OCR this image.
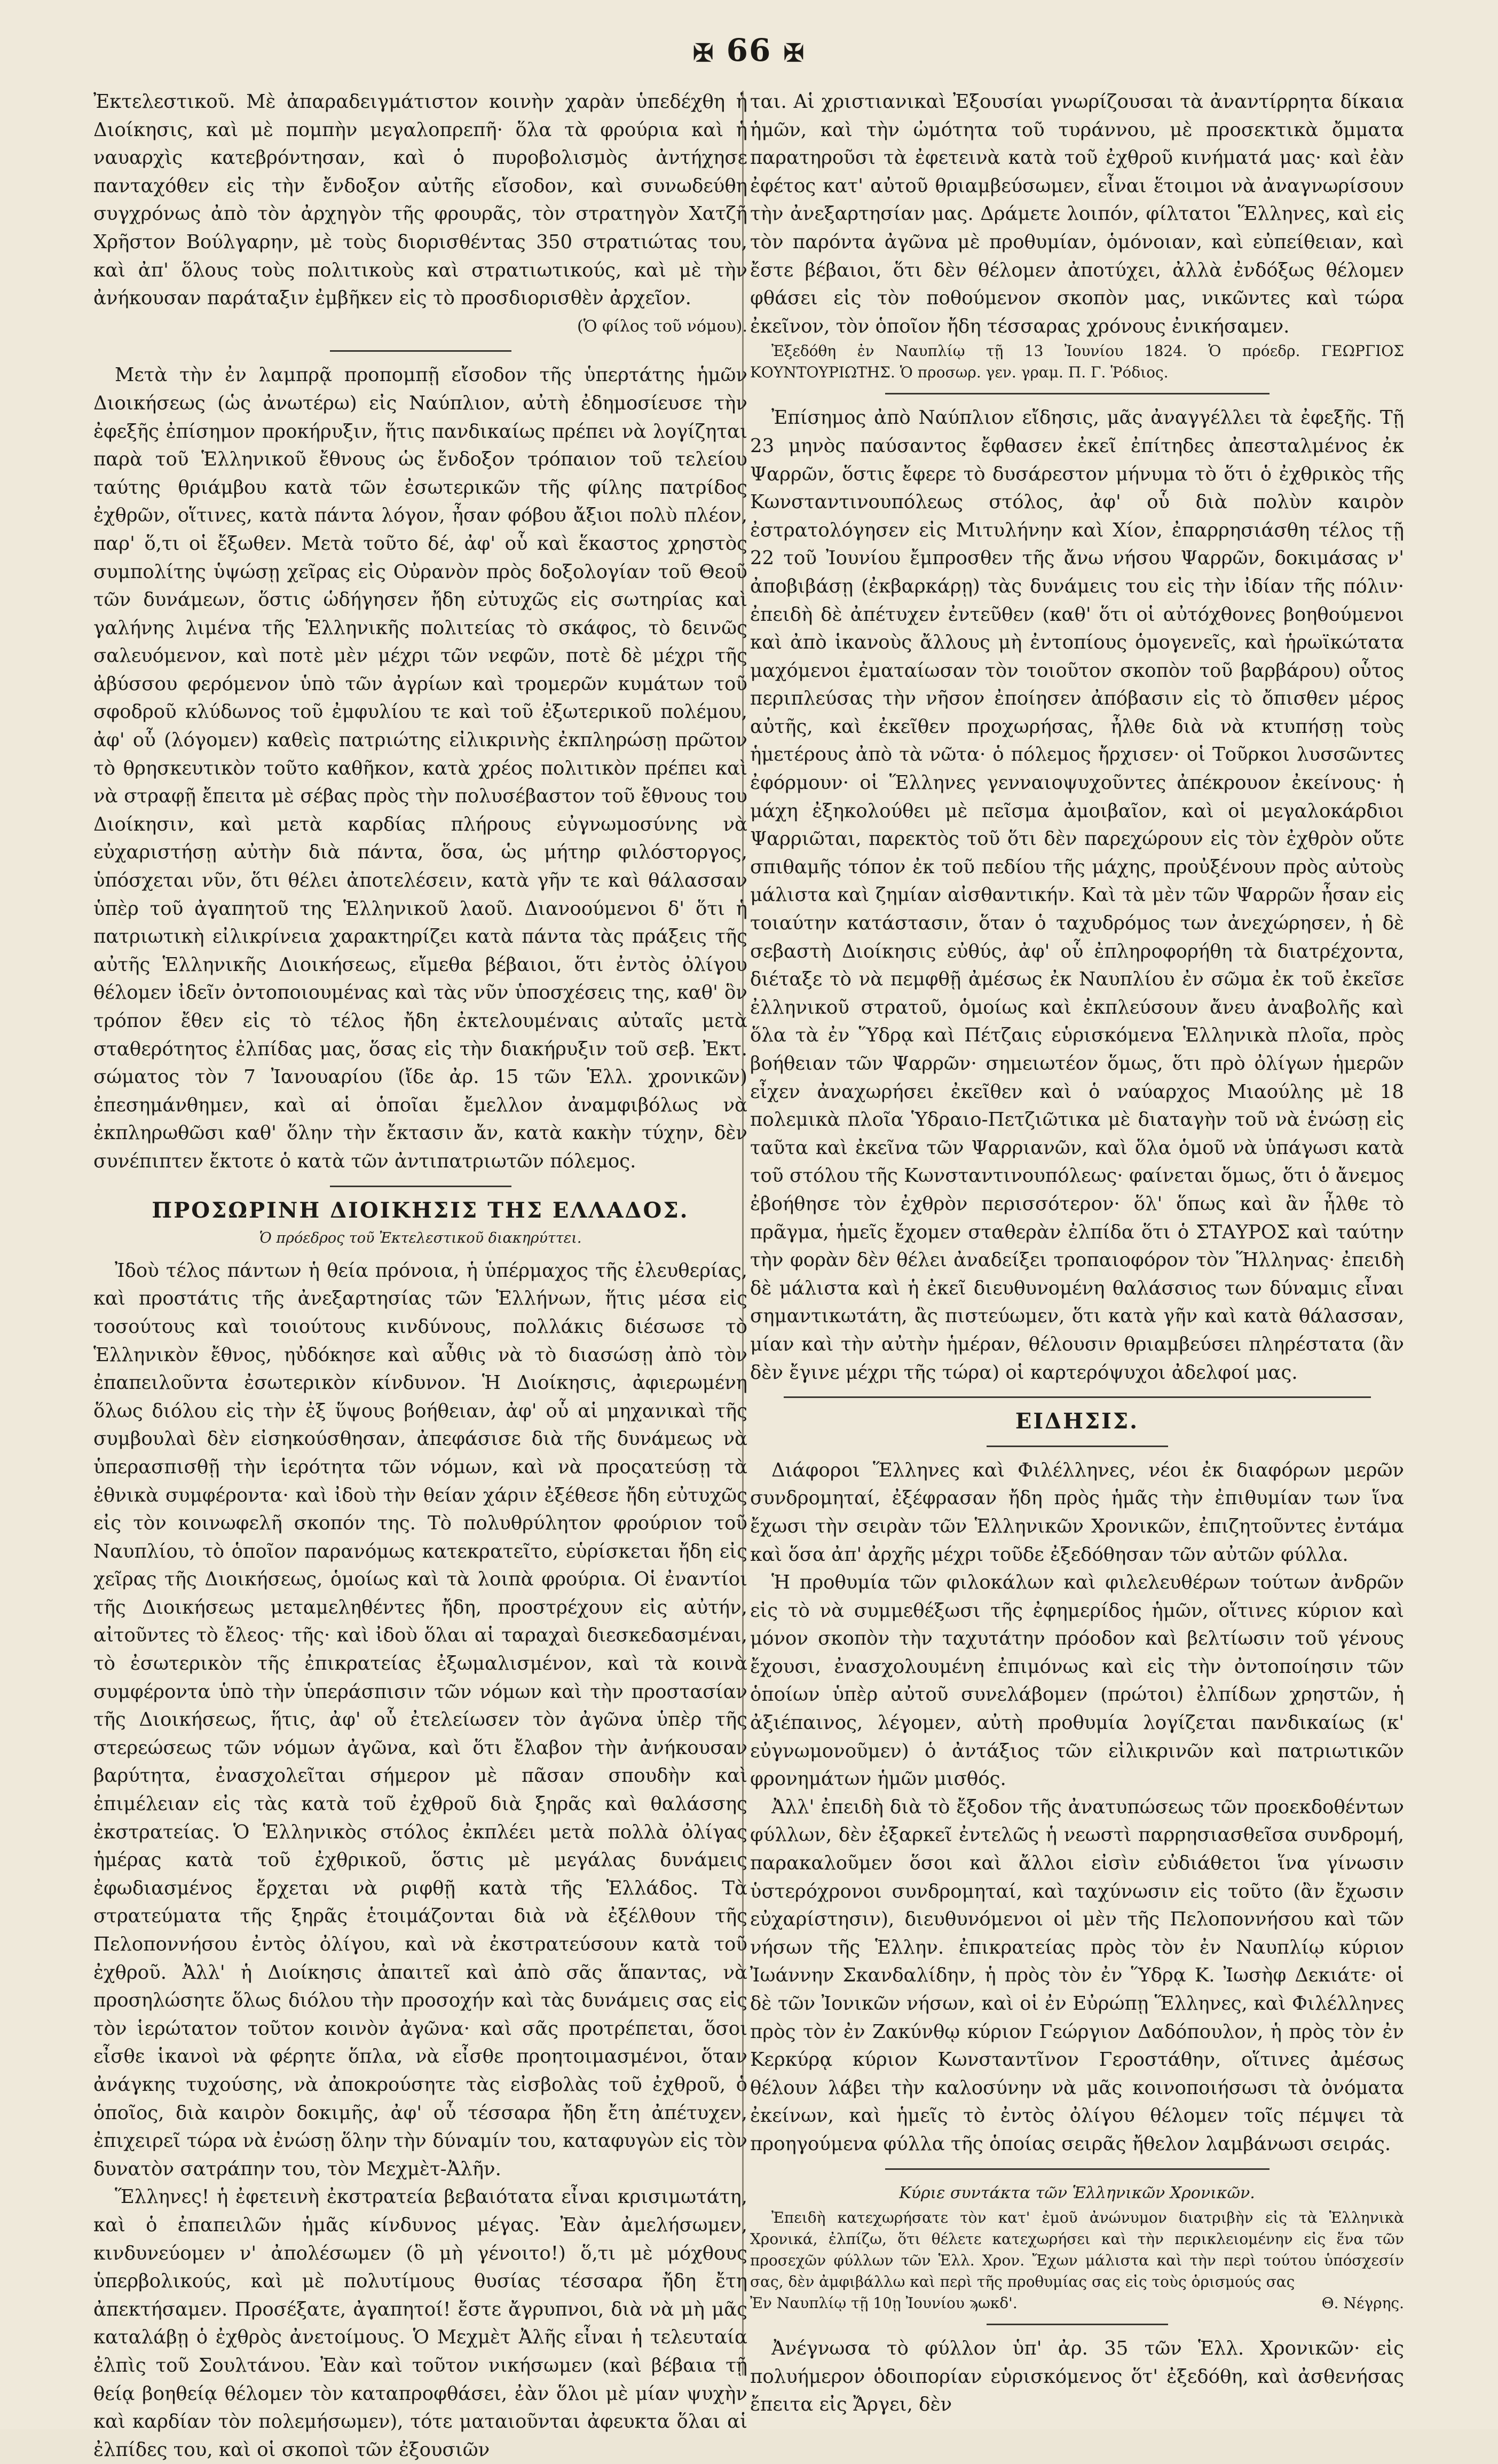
✠ 66 ✠

Ἐκτελεστικοῦ. Μὲ ἀπαραδειγμάτιστον κοινὴν χαρὰν ὑπεδέχθη ἡ Διοίκησις, καὶ μὲ πομπὴν μεγαλοπρεπῆ· ὅλα τὰ φρούρια καὶ ἡ ναυαρχὶς κατεβρόντησαν, καὶ ὁ πυροβολισμὸς ἀντήχησε πανταχόθεν εἰς τὴν ἔνδοξον αὐτῆς εἴσοδον, καὶ συνωδεύθη συγχρόνως ἀπὸ τὸν ἀρχηγὸν τῆς φρουρᾶς, τὸν στρατηγὸν Χατζῆ Χρῆστον Βούλγαρην, μὲ τοὺς διορισθέντας 350 στρατιώτας του, καὶ ἀπ' ὅλους τοὺς πολιτικοὺς καὶ στρατιωτικούς, καὶ μὲ τὴν ἀνήκουσαν παράταξιν ἐμβῆκεν εἰς τὸ προσδιορισθὲν ἀρχεῖον.

(Ὁ φίλος τοῦ νόμου).

Μετὰ τὴν ἐν λαμπρᾷ προπομπῇ εἴσοδον τῆς ὑπερτάτης ἡμῶν Διοικήσεως (ὡς ἀνωτέρω) εἰς Ναύπλιον, αὐτὴ ἐδημοσίευσε τὴν ἐφεξῆς ἐπίσημον προκήρυξιν, ἥτις πανδικαίως πρέπει νὰ λογίζηται παρὰ τοῦ Ἑλληνικοῦ ἔθνους ὡς ἔνδοξον τρόπαιον τοῦ τελείου ταύτης θριάμβου κατὰ τῶν ἐσωτερικῶν τῆς φίλης πατρίδος ἐχθρῶν, οἵτινες, κατὰ πάντα λόγον, ἦσαν φόβου ἄξιοι πολὺ πλέον, παρ' ὅ,τι οἱ ἔξωθεν. Μετὰ τοῦτο δέ, ἀφ' οὗ καὶ ἕκαστος χρηστὸς συμπολίτης ὑψώσῃ χεῖρας εἰς Οὐρανὸν πρὸς δοξολογίαν τοῦ Θεοῦ τῶν δυνάμεων, ὅστις ὡδήγησεν ἤδη εὐτυχῶς εἰς σωτηρίας καὶ γαλήνης λιμένα τῆς Ἑλληνικῆς πολιτείας τὸ σκάφος, τὸ δεινῶς σαλευόμενον, καὶ ποτὲ μὲν μέχρι τῶν νεφῶν, ποτὲ δὲ μέχρι τῆς ἀβύσσου φερόμενον ὑπὸ τῶν ἀγρίων καὶ τρομερῶν κυμάτων τοῦ σφοδροῦ κλύδωνος τοῦ ἐμφυλίου τε καὶ τοῦ ἐξωτερικοῦ πολέμου, ἀφ' οὗ (λόγομεν) καθεὶς πατριώτης εἰλικρινὴς ἐκπληρώσῃ πρῶτον τὸ θρησκευτικὸν τοῦτο καθῆκον, κατὰ χρέος πολιτικὸν πρέπει καὶ νὰ στραφῇ ἔπειτα μὲ σέβας πρὸς τὴν πολυσέβαστον τοῦ ἔθνους του Διοίκησιν, καὶ μετὰ καρδίας πλήρους εὐγνωμοσύνης νὰ εὐχαριστήσῃ αὐτὴν διὰ πάντα, ὅσα, ὡς μήτηρ φιλόστοργος, ὑπόσχεται νῦν, ὅτι θέλει ἀποτελέσειν, κατὰ γῆν τε καὶ θάλασσαν ὑπὲρ τοῦ ἀγαπητοῦ της Ἑλληνικοῦ λαοῦ. Διανοούμενοι δ' ὅτι ἡ πατριωτικὴ εἰλικρίνεια χαρακτηρίζει κατὰ πάντα τὰς πράξεις τῆς αὐτῆς Ἑλληνικῆς Διοικήσεως, εἴμεθα βέβαιοι, ὅτι ἐντὸς ὀλίγου θέλομεν ἰδεῖν ὀντοποιουμένας καὶ τὰς νῦν ὑποσχέσεις της, καθ' ὃν τρόπον ἔθεν εἰς τὸ τέλος ἤδη ἐκτελουμέναις αὐταῖς μετὰ σταθερότητος ἐλπίδας μας, ὅσας εἰς τὴν διακήρυξιν τοῦ σεβ. Ἐκτ. σώματος τὸν 7 Ἰανουαρίου (ἴδε ἀρ. 15 τῶν Ἑλλ. χρονικῶν) ἐπεσημάνθημεν, καὶ αἱ ὁποῖαι ἔμελλον ἀναμφιβόλως νὰ ἐκπληρωθῶσι καθ' ὅλην τὴν ἔκτασιν ἄν, κατὰ κακὴν τύχην, δὲν συνέπιπτεν ἔκτοτε ὁ κατὰ τῶν ἀντιπατριωτῶν πόλεμος.

ΠΡΟΣΩΡΙΝΗ ΔΙΟΙΚΗΣΙΣ ΤΗΣ ΕΛΛΑΔΟΣ.

Ὁ πρόεδρος τοῦ Ἐκτελεστικοῦ διακηρύττει.

Ἰδοὺ τέλος πάντων ἡ θεία πρόνοια, ἡ ὑπέρμαχος τῆς ἐλευθερίας, καὶ προστάτις τῆς ἀνεξαρτησίας τῶν Ἑλλήνων, ἥτις μέσα εἰς τοσούτους καὶ τοιούτους κινδύνους, πολλάκις διέσωσε τὸ Ἑλληνικὸν ἔθνος, ηὐδόκησε καὶ αὖθις νὰ τὸ διασώσῃ ἀπὸ τὸν ἐπαπειλοῦντα ἐσωτερικὸν κίνδυνον. Ἡ Διοίκησις, ἀφιερωμένη ὅλως διόλου εἰς τὴν ἐξ ὕψους βοήθειαν, ἀφ' οὗ αἱ μηχανικαὶ τῆς συμβουλαὶ δὲν εἰσηκούσθησαν, ἀπεφάσισε διὰ τῆς δυνάμεως νὰ ὑπερασπισθῇ τὴν ἱερότητα τῶν νόμων, καὶ νὰ προςατεύσῃ τὰ ἐθνικὰ συμφέροντα· καὶ ἰδοὺ τὴν θείαν χάριν ἐξέθεσε ἤδη εὐτυχῶς εἰς τὸν κοινωφελῆ σκοπόν της. Τὸ πολυθρύλητον φρούριον τοῦ Ναυπλίου, τὸ ὁποῖον παρανόμως κατεκρατεῖτο, εὑρίσκεται ἤδη εἰς χεῖρας τῆς Διοικήσεως, ὁμοίως καὶ τὰ λοιπὰ φρούρια. Οἱ ἐναντίοι τῆς Διοικήσεως μεταμεληθέντες ἤδη, προστρέχουν εἰς αὐτήν, αἰτοῦντες τὸ ἔλεος· τῆς· καὶ ἰδοὺ ὅλαι αἱ ταραχαὶ διεσκεδασμέναι, τὸ ἐσωτερικὸν τῆς ἐπικρατείας ἐξωμαλισμένον, καὶ τὰ κοινὰ συμφέροντα ὑπὸ τὴν ὑπεράσπισιν τῶν νόμων καὶ τὴν προστασίαν τῆς Διοικήσεως, ἥτις, ἀφ' οὗ ἐτελείωσεν τὸν ἀγῶνα ὑπὲρ τῆς στερεώσεως τῶν νόμων ἀγῶνα, καὶ ὅτι ἔλαβον τὴν ἀνήκουσαν βαρύτητα, ἐνασχολεῖται σήμερον μὲ πᾶσαν σπουδὴν καὶ ἐπιμέλειαν εἰς τὰς κατὰ τοῦ ἐχθροῦ διὰ ξηρᾶς καὶ θαλάσσης ἐκστρατείας. Ὁ Ἑλληνικὸς στόλος ἐκπλέει μετὰ πολλὰ ὀλίγας ἡμέρας κατὰ τοῦ ἐχθρικοῦ, ὅστις μὲ μεγάλας δυνάμεις ἐφωδιασμένος ἔρχεται νὰ ριφθῇ κατὰ τῆς Ἑλλάδος. Τὰ στρατεύματα τῆς ξηρᾶς ἑτοιμάζονται διὰ νὰ ἐξέλθουν τῆς Πελοποννήσου ἐντὸς ὀλίγου, καὶ νὰ ἐκστρατεύσουν κατὰ τοῦ ἐχθροῦ. Ἀλλ' ἡ Διοίκησις ἀπαιτεῖ καὶ ἀπὸ σᾶς ἅπαντας, νὰ προσηλώσητε ὅλως διόλου τὴν προσοχήν καὶ τὰς δυνάμεις σας εἰς τὸν ἱερώτατον τοῦτον κοινὸν ἀγῶνα· καὶ σᾶς προτρέπεται, ὅσοι εἶσθε ἱκανοὶ νὰ φέρητε ὅπλα, νὰ εἶσθε προητοιμασμένοι, ὅταν ἀνάγκης τυχούσης, νὰ ἀποκρούσητε τὰς εἰσβολὰς τοῦ ἐχθροῦ, ὁ ὁποῖος, διὰ καιρὸν δοκιμῆς, ἀφ' οὗ τέσσαρα ἤδη ἔτη ἀπέτυχεν, ἐπιχειρεῖ τώρα νὰ ἐνώσῃ ὅλην τὴν δύναμίν του, καταφυγὼν εἰς τὸν δυνατὸν σατράπην του, τὸν Μεχμὲτ-Ἀλῆν.

Ἕλληνες! ἡ ἐφετεινὴ ἐκστρατεία βεβαιότατα εἶναι κρισιμωτάτη, καὶ ὁ ἐπαπειλῶν ἡμᾶς κίνδυνος μέγας. Ἐὰν ἀμελήσωμεν, κινδυνεύομεν ν' ἀπολέσωμεν (ὃ μὴ γένοιτο!) ὅ,τι μὲ μόχθους ὑπερβολικούς, καὶ μὲ πολυτίμους θυσίας τέσσαρα ἤδη ἔτη ἀπεκτήσαμεν. Προσέξατε, ἀγαπητοί! ἔστε ἄγρυπνοι, διὰ νὰ μὴ μᾶς καταλάβῃ ὁ ἐχθρὸς ἀνετοίμους. Ὁ Μεχμὲτ Ἀλῆς εἶναι ἡ τελευταία ἐλπὶς τοῦ Σουλτάνου. Ἐὰν καὶ τοῦτον νικήσωμεν (καὶ βέβαια τῇ θείᾳ βοηθείᾳ θέλομεν τὸν καταπροφθάσει, ἐὰν ὅλοι μὲ μίαν ψυχὴν καὶ καρδίαν τὸν πολεμήσωμεν), τότε ματαιοῦνται ἀφευκτα ὅλαι αἱ ἐλπίδες του, καὶ οἱ σκοποὶ τῶν ἐξουσιῶν

ται. Αἱ χριστιανικαὶ Ἐξουσίαι γνωρίζουσαι τὰ ἀναντίρρητα δίκαια ἡμῶν, καὶ τὴν ὠμότητα τοῦ τυράννου, μὲ προσεκτικὰ ὄμματα παρατηροῦσι τὰ ἐφετεινὰ κατὰ τοῦ ἐχθροῦ κινήματά μας· καὶ ἐὰν ἐφέτος κατ' αὐτοῦ θριαμβεύσωμεν, εἶναι ἕτοιμοι νὰ ἀναγνωρίσουν τὴν ἀνεξαρτησίαν μας. Δράμετε λοιπόν, φίλτατοι Ἕλληνες, καὶ εἰς τὸν παρόντα ἀγῶνα μὲ προθυμίαν, ὁμόνοιαν, καὶ εὐπείθειαν, καὶ ἔστε βέβαιοι, ὅτι δὲν θέλομεν ἀποτύχει, ἀλλὰ ἐνδόξως θέλομεν φθάσει εἰς τὸν ποθούμενον σκοπὸν μας, νικῶντες καὶ τώρα ἐκεῖνον, τὸν ὁποῖον ἤδη τέσσαρας χρόνους ἐνικήσαμεν.

Ἐξεδόθη ἐν Ναυπλίῳ τῇ 13 Ἰουνίου 1824. Ὁ πρόεδρ. ΓΕΩΡΓΙΟΣ ΚΟΥΝΤΟΥΡΙΩΤΗΣ. Ὁ προσωρ. γεν. γραμ. Π. Γ. Ῥόδιος.

Ἐπίσημος ἀπὸ Ναύπλιον εἴδησις, μᾶς ἀναγγέλλει τὰ ἐφεξῆς. Τῇ 23 μηνὸς παύσαντος ἔφθασεν ἐκεῖ ἐπίτηδες ἀπεσταλμένος ἐκ Ψαρρῶν, ὅστις ἔφερε τὸ δυσάρεστον μήνυμα τὸ ὅτι ὁ ἐχθρικὸς τῆς Κωνσταντινουπόλεως στόλος, ἀφ' οὗ διὰ πολὺν καιρὸν ἐστρατολόγησεν εἰς Μιτυλήνην καὶ Χίον, ἐπαρρησιάσθη τέλος τῇ 22 τοῦ Ἰουνίου ἔμπροσθεν τῆς ἄνω νήσου Ψαρρῶν, δοκιμάσας ν' ἀποβιβάσῃ (ἐκβαρκάρῃ) τὰς δυνάμεις του εἰς τὴν ἰδίαν τῆς πόλιν· ἐπειδὴ δὲ ἀπέτυχεν ἐντεῦθεν (καθ' ὅτι οἱ αὐτόχθονες βοηθούμενοι καὶ ἀπὸ ἱκανοὺς ἄλλους μὴ ἐντοπίους ὁμογενεῖς, καὶ ἡρωϊκώτατα μαχόμενοι ἐματαίωσαν τὸν τοιοῦτον σκοπὸν τοῦ βαρβάρου) οὗτος περιπλεύσας τὴν νῆσον ἐποίησεν ἀπόβασιν εἰς τὸ ὄπισθεν μέρος αὐτῆς, καὶ ἐκεῖθεν προχωρήσας, ἦλθε διὰ νὰ κτυπήσῃ τοὺς ἡμετέρους ἀπὸ τὰ νῶτα· ὁ πόλεμος ἤρχισεν· οἱ Τοῦρκοι λυσσῶντες ἐφόρμουν· οἱ Ἕλληνες γενναιοψυχοῦντες ἀπέκρουον ἐκείνους· ἡ μάχη ἐξηκολούθει μὲ πεῖσμα ἀμοιβαῖον, καὶ οἱ μεγαλοκάρδιοι Ψαρριῶται, παρεκτὸς τοῦ ὅτι δὲν παρεχώρουν εἰς τὸν ἐχθρὸν οὔτε σπιθαμῆς τόπον ἐκ τοῦ πεδίου τῆς μάχης, προὐξένουν πρὸς αὐτοὺς μάλιστα καὶ ζημίαν αἰσθαντικήν. Καὶ τὰ μὲν τῶν Ψαρρῶν ἦσαν εἰς τοιαύτην κατάστασιν, ὅταν ὁ ταχυδρόμος των ἀνεχώρησεν, ἡ δὲ σεβαστὴ Διοίκησις εὐθύς, ἀφ' οὗ ἐπληροφορήθη τὰ διατρέχοντα, διέταξε τὸ νὰ πεμφθῇ ἀμέσως ἐκ Ναυπλίου ἐν σῶμα ἐκ τοῦ ἐκεῖσε ἐλληνικοῦ στρατοῦ, ὁμοίως καὶ ἐκπλεύσουν ἄνευ ἀναβολῆς καὶ ὅλα τὰ ἐν Ὕδρᾳ καὶ Πέτζαις εὑρισκόμενα Ἑλληνικὰ πλοῖα, πρὸς βοήθειαν τῶν Ψαρρῶν· σημειωτέον ὅμως, ὅτι πρὸ ὀλίγων ἡμερῶν εἶχεν ἀναχωρήσει ἐκεῖθεν καὶ ὁ ναύαρχος Μιαούλης μὲ 18 πολεμικὰ πλοῖα Ὑδραιο-Πετζιῶτικα μὲ διαταγὴν τοῦ νὰ ἑνώσῃ εἰς ταῦτα καὶ ἐκεῖνα τῶν Ψαρριανῶν, καὶ ὅλα ὁμοῦ νὰ ὑπάγωσι κατὰ τοῦ στόλου τῆς Κωνσταντινουπόλεως· φαίνεται ὅμως, ὅτι ὁ ἄνεμος ἐβοήθησε τὸν ἐχθρὸν περισσότερον· ὅλ' ὅπως καὶ ἂν ἦλθε τὸ πρᾶγμα, ἡμεῖς ἔχομεν σταθερὰν ἐλπίδα ὅτι ὁ ΣΤΑΥΡΟΣ καὶ ταύτην τὴν φορὰν δὲν θέλει ἀναδείξει τροπαιοφόρον τὸν Ἥλληνας· ἐπειδὴ δὲ μάλιστα καὶ ἡ ἐκεῖ διευθυνομένη θαλάσσιος των δύναμις εἶναι σημαντικωτάτη, ἂς πιστεύωμεν, ὅτι κατὰ γῆν καὶ κατὰ θάλασσαν, μίαν καὶ τὴν αὐτὴν ἡμέραν, θέλουσιν θριαμβεύσει πληρέστατα (ἂν δὲν ἔγινε μέχρι τῆς τώρα) οἱ καρτερόψυχοι ἀδελφοί μας.

ΕΙΔΗΣΙΣ.

Διάφοροι Ἕλληνες καὶ Φιλέλληνες, νέοι ἐκ διαφόρων μερῶν συνδρομηταί, ἐξέφρασαν ἤδη πρὸς ἡμᾶς τὴν ἐπιθυμίαν των ἵνα ἔχωσι τὴν σειρὰν τῶν Ἑλληνικῶν Χρονικῶν, ἐπιζητοῦντες ἐντάμα καὶ ὅσα ἀπ' ἀρχῆς μέχρι τοῦδε ἐξεδόθησαν τῶν αὐτῶν φύλλα.

Ἡ προθυμία τῶν φιλοκάλων καὶ φιλελευθέρων τούτων ἀνδρῶν εἰς τὸ νὰ συμμεθέξωσι τῆς ἐφημερίδος ἡμῶν, οἵτινες κύριον καὶ μόνον σκοπὸν τὴν ταχυτάτην πρόοδον καὶ βελτίωσιν τοῦ γένους ἔχουσι, ἐνασχολουμένη ἐπιμόνως καὶ εἰς τὴν ὀντοποίησιν τῶν ὁποίων ὑπὲρ αὐτοῦ συνελάβομεν (πρώτοι) ἐλπίδων χρηστῶν, ἡ ἀξιέπαινος, λέγομεν, αὐτὴ προθυμία λογίζεται πανδικαίως (κ' εὐγνωμονοῦμεν) ὁ ἀντάξιος τῶν εἰλικρινῶν καὶ πατριωτικῶν φρονημάτων ἡμῶν μισθός.

Ἀλλ' ἐπειδὴ διὰ τὸ ἔξοδον τῆς ἀνατυπώσεως τῶν προεκδοθέντων φύλλων, δὲν ἐξαρκεῖ ἐντελῶς ἡ νεωστὶ παρρησιασθεῖσα συνδρομή, παρακαλοῦμεν ὅσοι καὶ ἄλλοι εἰσὶν εὐδιάθετοι ἵνα γίνωσιν ὑστερόχρονοι συνδρομηταί, καὶ ταχύνωσιν εἰς τοῦτο (ἂν ἔχωσιν εὐχαρίστησιν), διευθυνόμενοι οἱ μὲν τῆς Πελοποννήσου καὶ τῶν νήσων τῆς Ἑλλην. ἐπικρατείας πρὸς τὸν ἐν Ναυπλίῳ κύριον Ἰωάννην Σκανδαλίδην, ἡ πρὸς τὸν ἐν Ὕδρᾳ Κ. Ἰωσὴφ Δεκιάτε· οἱ δὲ τῶν Ἰονικῶν νήσων, καὶ οἱ ἐν Εὐρώπῃ Ἕλληνες, καὶ Φιλέλληνες πρὸς τὸν ἐν Ζακύνθῳ κύριον Γεώργιον Δαδόπουλον, ἡ πρὸς τὸν ἐν Κερκύρᾳ κύριον Κωνσταντῖνον Γεροστάθην, οἵτινες ἀμέσως θέλουν λάβει τὴν καλοσύνην νὰ μᾶς κοινοποιήσωσι τὰ ὀνόματα ἐκείνων, καὶ ἡμεῖς τὸ ἐντὸς ὀλίγου θέλομεν τοῖς πέμψει τὰ προηγούμενα φύλλα τῆς ὁποίας σειρᾶς ἤθελον λαμβάνωσι σειράς.

Κύριε συντάκτα τῶν Ἑλληνικῶν Χρονικῶν.

Ἐπειδὴ κατεχωρήσατε τὸν κατ' ἐμοῦ ἀνώνυμον διατριβὴν εἰς τὰ Ἑλληνικὰ Χρονικά, ἐλπίζω, ὅτι θέλετε κατεχωρήσει καὶ τὴν περικλειομένην εἰς ἕνα τῶν προσεχῶν φύλλων τῶν Ἑλλ. Χρον. Ἔχων μάλιστα καὶ τὴν περὶ τούτου ὑπόσχεσίν σας, δὲν ἀμφιβάλλω καὶ περὶ τῆς προθυμίας σας εἰς τοὺς ὁρισμούς σας

Ἐν Ναυπλίῳ τῇ 10ῃ Ἰουνίου ϡωκδ'.	Θ. Νέγρης.

Ἀνέγνωσα τὸ φύλλον ὑπ' ἀρ. 35 τῶν Ἑλλ. Χρονικῶν· εἰς πολυήμερον ὁδοιπορίαν εὑρισκόμενος ὅτ' ἐξεδόθη, καὶ ἀσθενήσας ἔπειτα εἰς Ἄργει, δὲν
